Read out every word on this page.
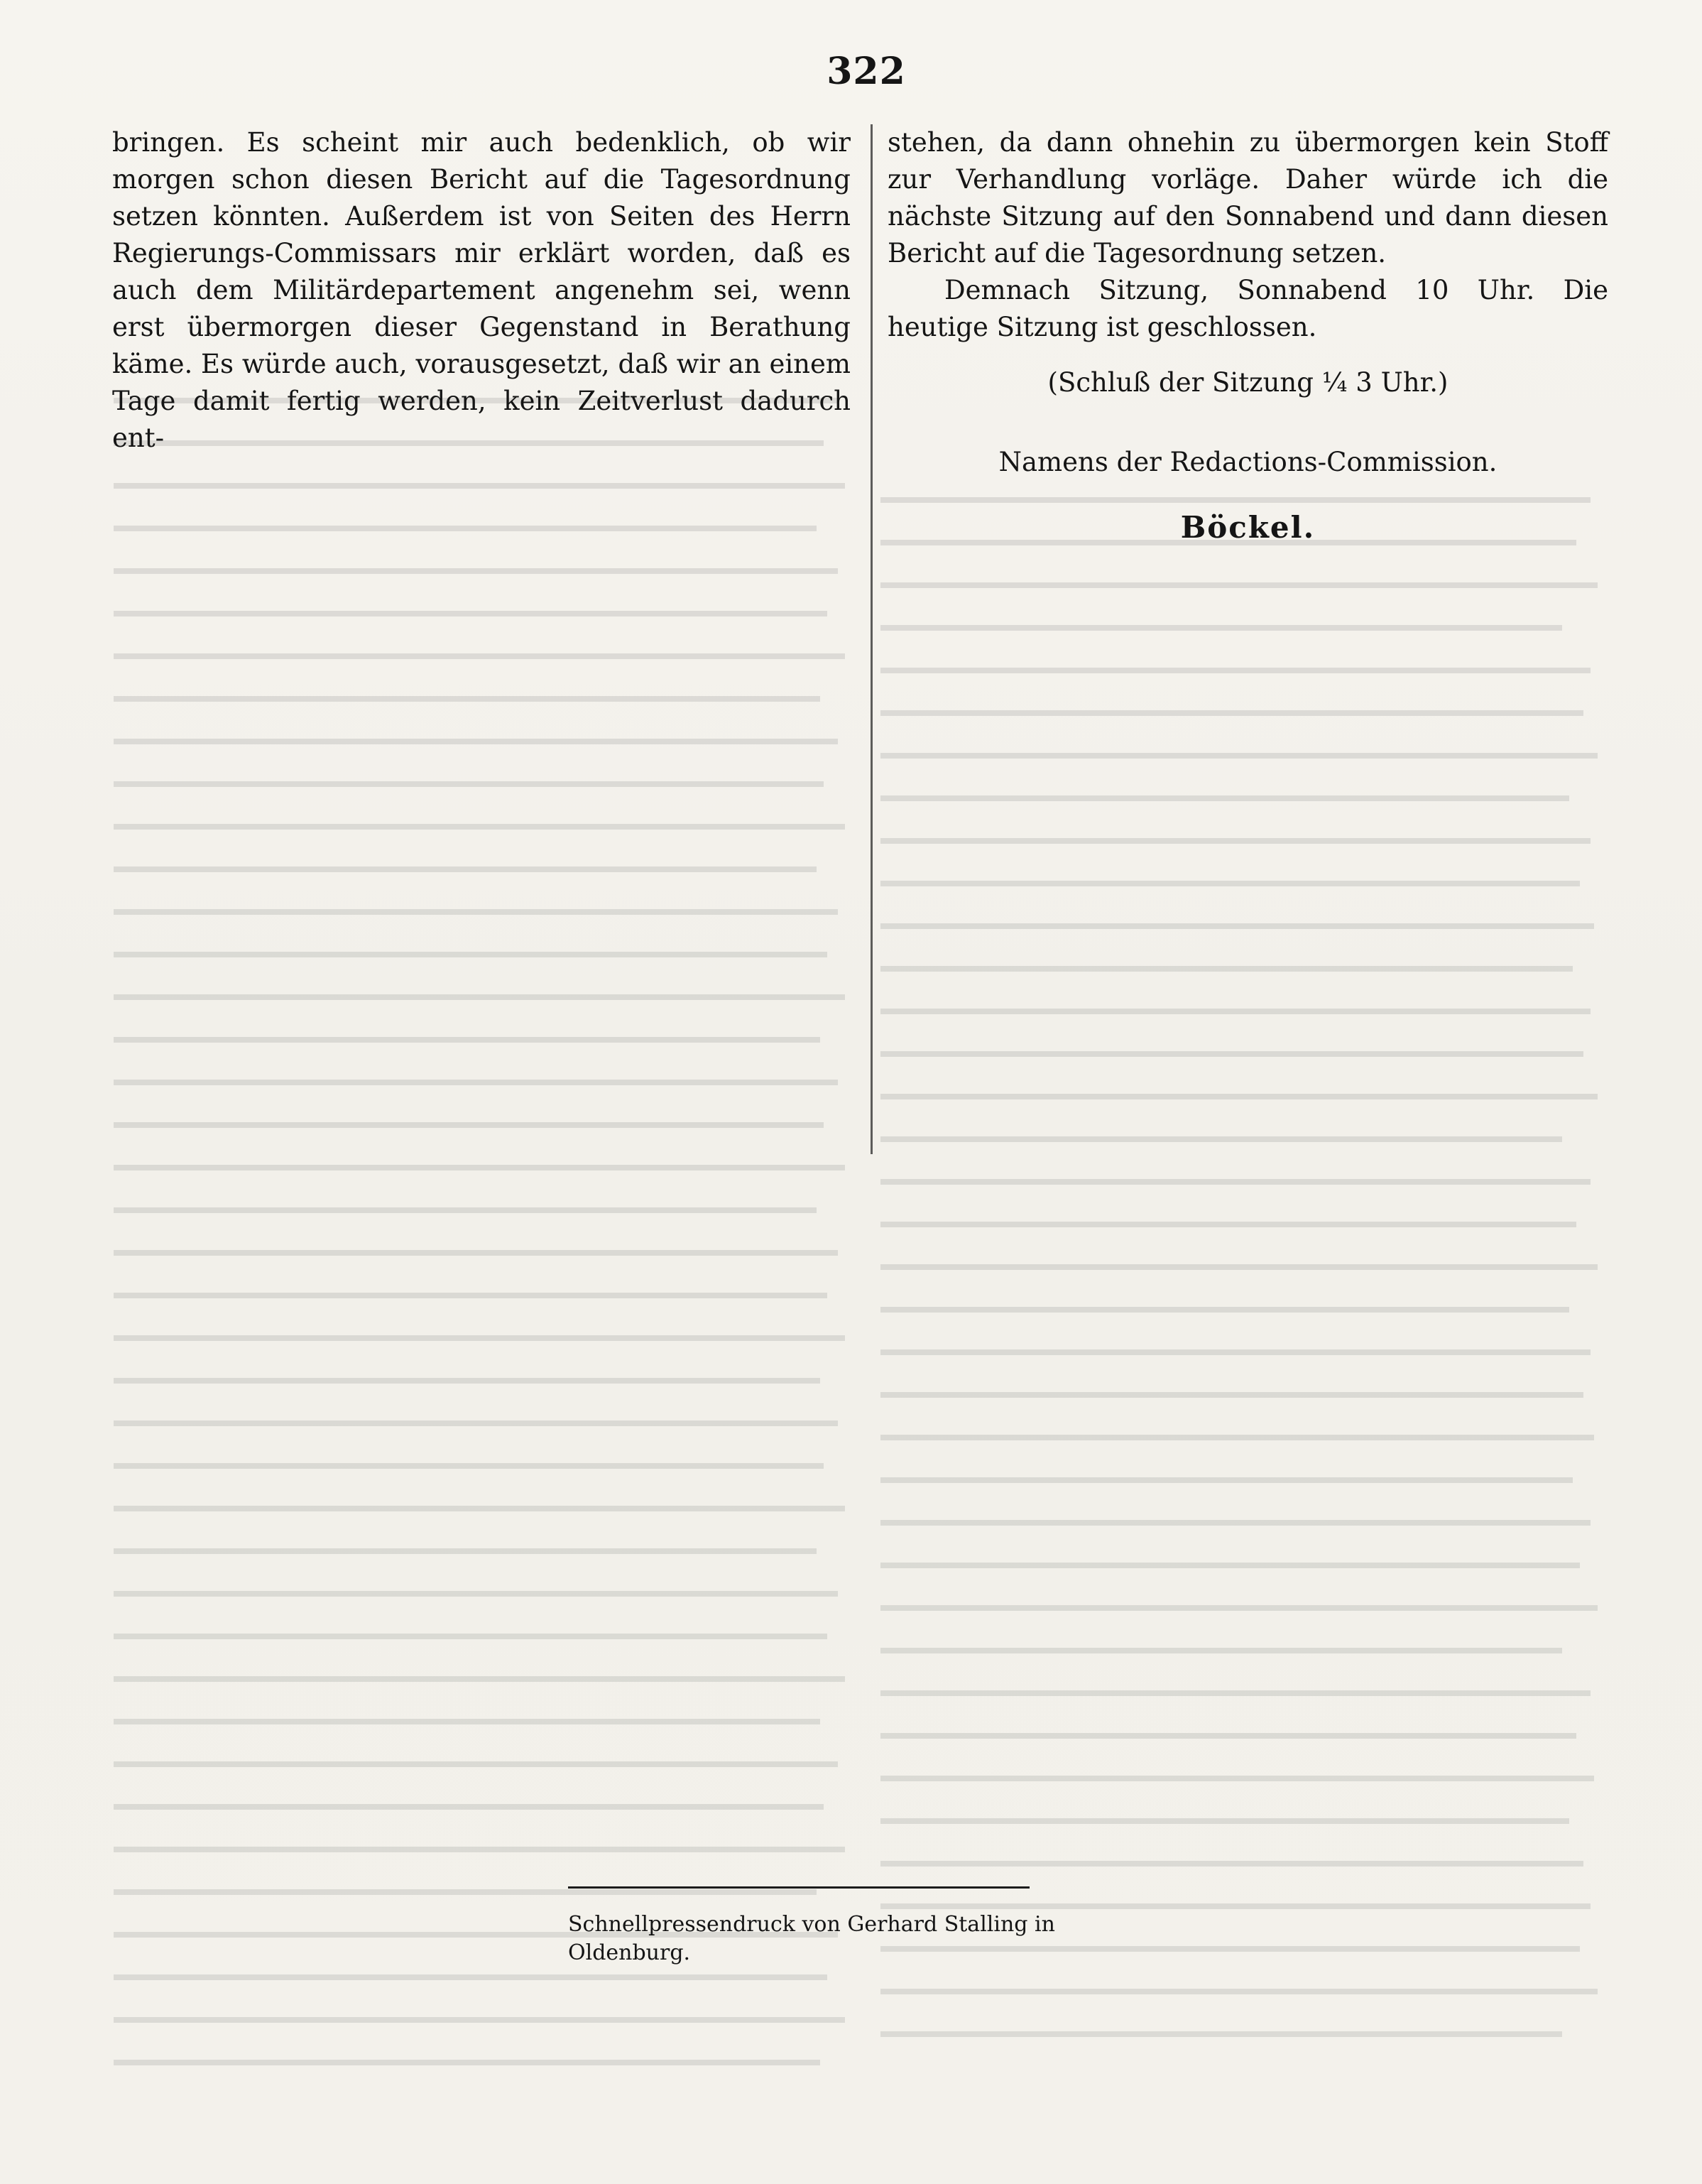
322

bringen. Es scheint mir auch bedenklich, ob wir morgen schon diesen Bericht auf die Tagesordnung setzen könnten. Außerdem ist von Seiten des Herrn Regierungs-Commissars mir erklärt worden, daß es auch dem Militärdepartement angenehm sei, wenn erst übermorgen dieser Gegenstand in Berathung käme. Es würde auch, vorausgesetzt, daß wir an einem Tage damit fertig werden, kein Zeitverlust dadurch ent-

stehen, da dann ohnehin zu übermorgen kein Stoff zur Verhandlung vorläge. Daher würde ich die nächste Sitzung auf den Sonnabend und dann diesen Bericht auf die Tagesordnung setzen.

Demnach Sitzung, Sonnabend 10 Uhr. Die heutige Sitzung ist geschlossen.

(Schluß der Sitzung ¼ 3 Uhr.)

Namens der Redactions-Commission.

Böckel.

Schnellpressendruck von Gerhard Stalling in Oldenburg.
